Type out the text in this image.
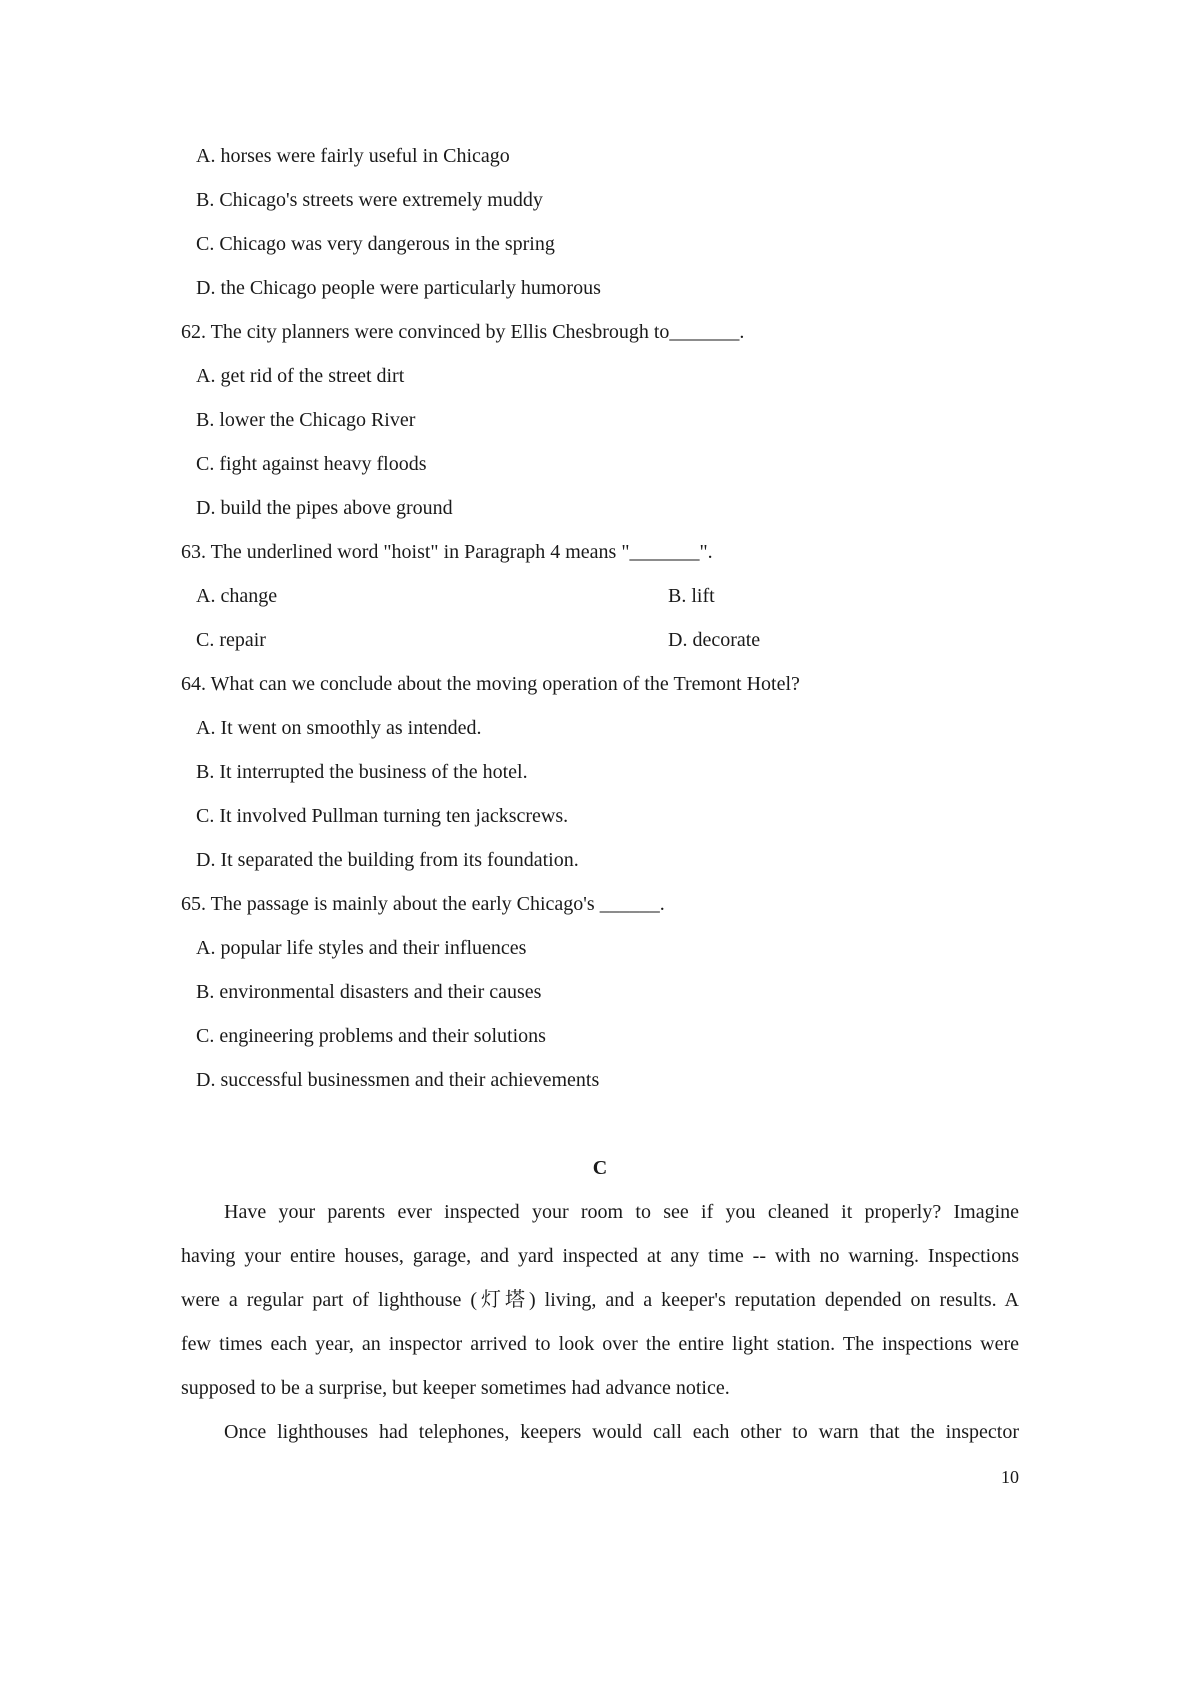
A. horses were fairly useful in Chicago
B. Chicago's streets were extremely muddy
C. Chicago was very dangerous in the spring
D. the Chicago people were particularly humorous
62. The city planners were convinced by Ellis Chesbrough to_______.
A. get rid of the street dirt
B. lower the Chicago River
C. fight against heavy floods
D. build the pipes above ground
63. The underlined word "hoist" in Paragraph 4 means "_______".
A. change	B. lift
C. repair	D. decorate
64. What can we conclude about the moving operation of the Tremont Hotel?
A. It went on smoothly as intended.
B. It interrupted the business of the hotel.
C. It involved Pullman turning ten jackscrews.
D. It separated the building from its foundation.
65. The passage is mainly about the early Chicago's ______.
A. popular life styles and their influences
B. environmental disasters and their causes
C. engineering problems and their solutions
D. successful businessmen and their achievements
C
Have your parents ever inspected your room to see if you cleaned it properly? Imagine
having your entire houses, garage, and yard inspected at any time -- with no warning. Inspections
were a regular part of lighthouse (灯塔) living, and a keeper's reputation depended on results. A
few times each year, an inspector arrived to look over the entire light station. The inspections were
supposed to be a surprise, but keeper sometimes had advance notice.
Once lighthouses had telephones, keepers would call each other to warn that the inspector
10
